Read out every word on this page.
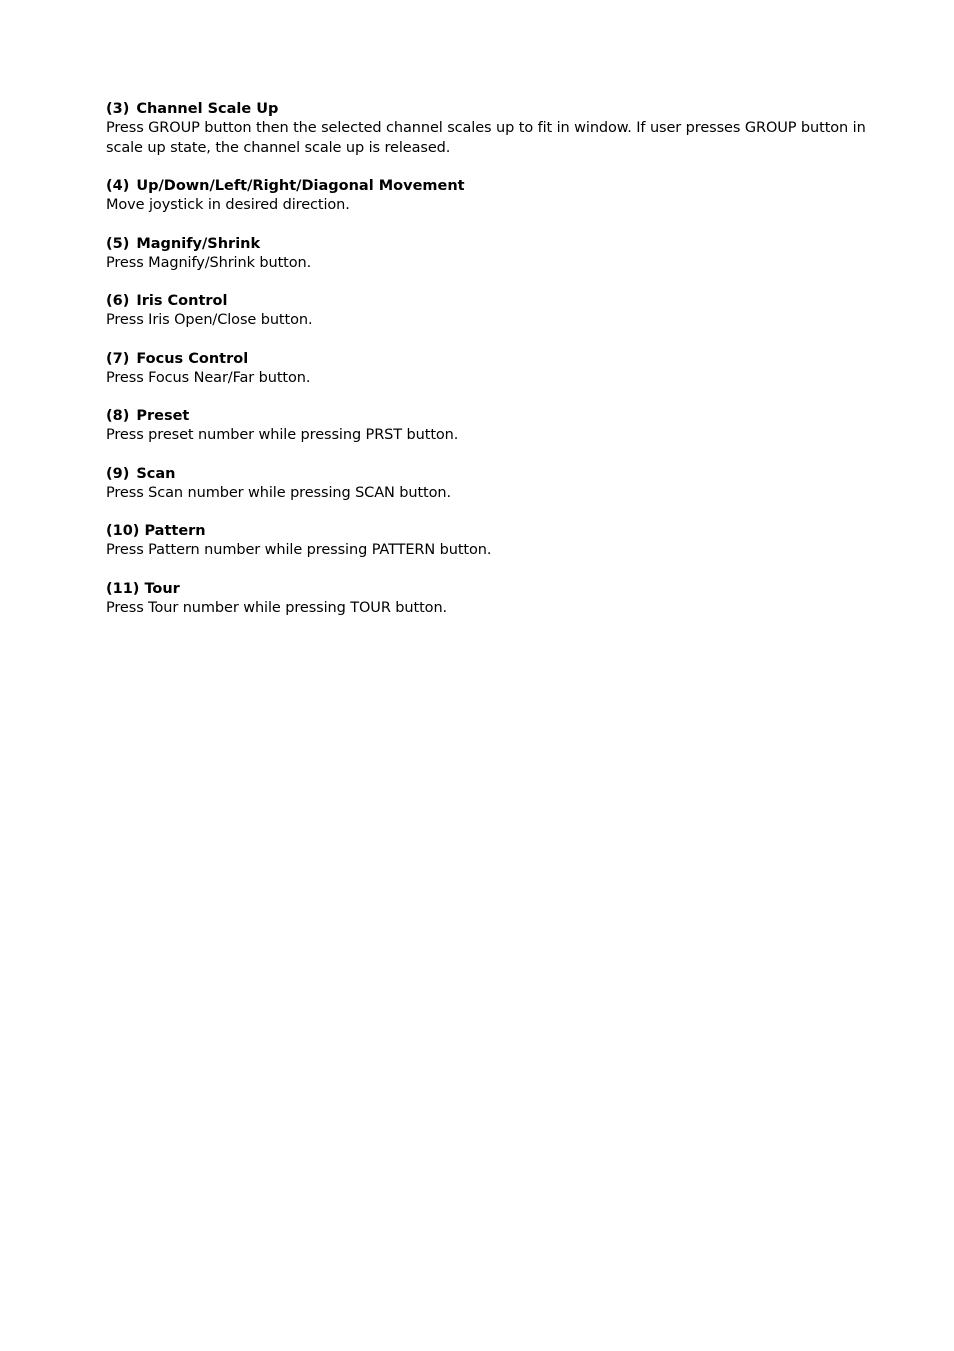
(3) Channel Scale Up
Press GROUP button then the selected channel scales up to fit in window. If user presses GROUP button in scale up state, the channel scale up is released.
(4) Up/Down/Left/Right/Diagonal Movement
Move joystick in desired direction.
(5) Magnify/Shrink
Press Magnify/Shrink button.
(6) Iris Control
Press Iris Open/Close button.
(7) Focus Control
Press Focus Near/Far button.
(8) Preset
Press preset number while pressing PRST button.
(9) Scan
Press Scan number while pressing SCAN button.
(10) Pattern
Press Pattern number while pressing PATTERN button.
(11) Tour
Press Tour number while pressing TOUR button.
